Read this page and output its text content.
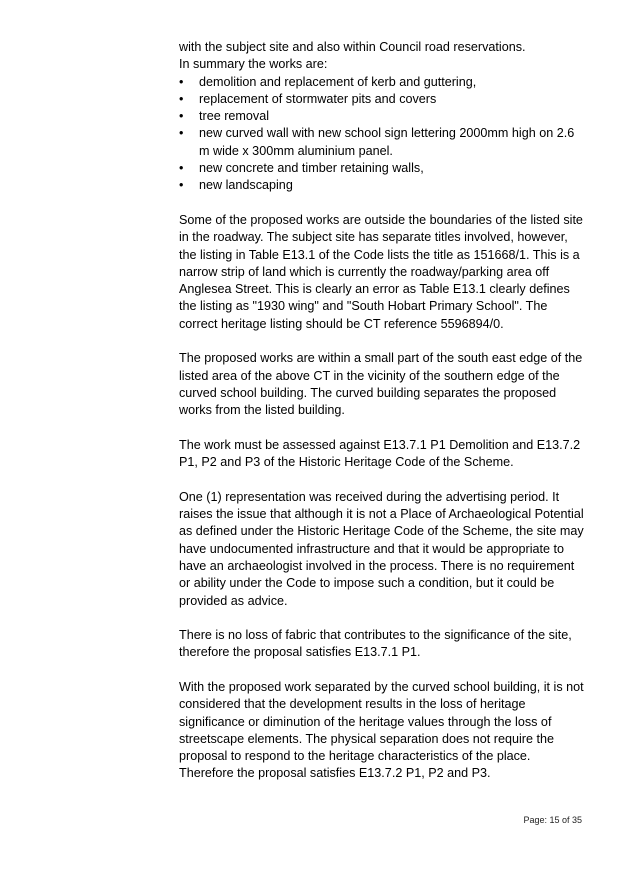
with the subject site and also within Council road reservations.

In summary the works are:

• demolition and replacement of kerb and guttering,
• replacement of stormwater pits and covers
• tree removal
• new curved wall with new school sign lettering 2000mm high on 2.6 m wide x 300mm aluminium panel.
• new concrete and timber retaining walls,
• new landscaping

Some of the proposed works are outside the boundaries of the listed site in the roadway. The subject site has separate titles involved, however, the listing in Table E13.1 of the Code lists the title as 151668/1. This is a narrow strip of land which is currently the roadway/parking area off Anglesea Street. This is clearly an error as Table E13.1 clearly defines the listing as "1930 wing" and "South Hobart Primary School". The correct heritage listing should be CT reference 5596894/0.

The proposed works are within a small part of the south east edge of the listed area of the above CT in the vicinity of the southern edge of the curved school building. The curved building separates the proposed works from the listed building.

The work must be assessed against E13.7.1 P1 Demolition and E13.7.2 P1, P2 and P3 of the Historic Heritage Code of the Scheme.

One (1) representation was received during the advertising period. It raises the issue that although it is not a Place of Archaeological Potential as defined under the Historic Heritage Code of the Scheme, the site may have undocumented infrastructure and that it would be appropriate to have an archaeologist involved in the process. There is no requirement or ability under the Code to impose such a condition, but it could be provided as advice.

There is no loss of fabric that contributes to the significance of the site, therefore the proposal satisfies E13.7.1 P1.

With the proposed work separated by the curved school building, it is not considered that the development results in the loss of heritage significance or diminution of the heritage values through the loss of streetscape elements. The physical separation does not require the proposal to respond to the heritage characteristics of the place. Therefore the proposal satisfies E13.7.2 P1, P2 and P3.

Page: 15 of 35
